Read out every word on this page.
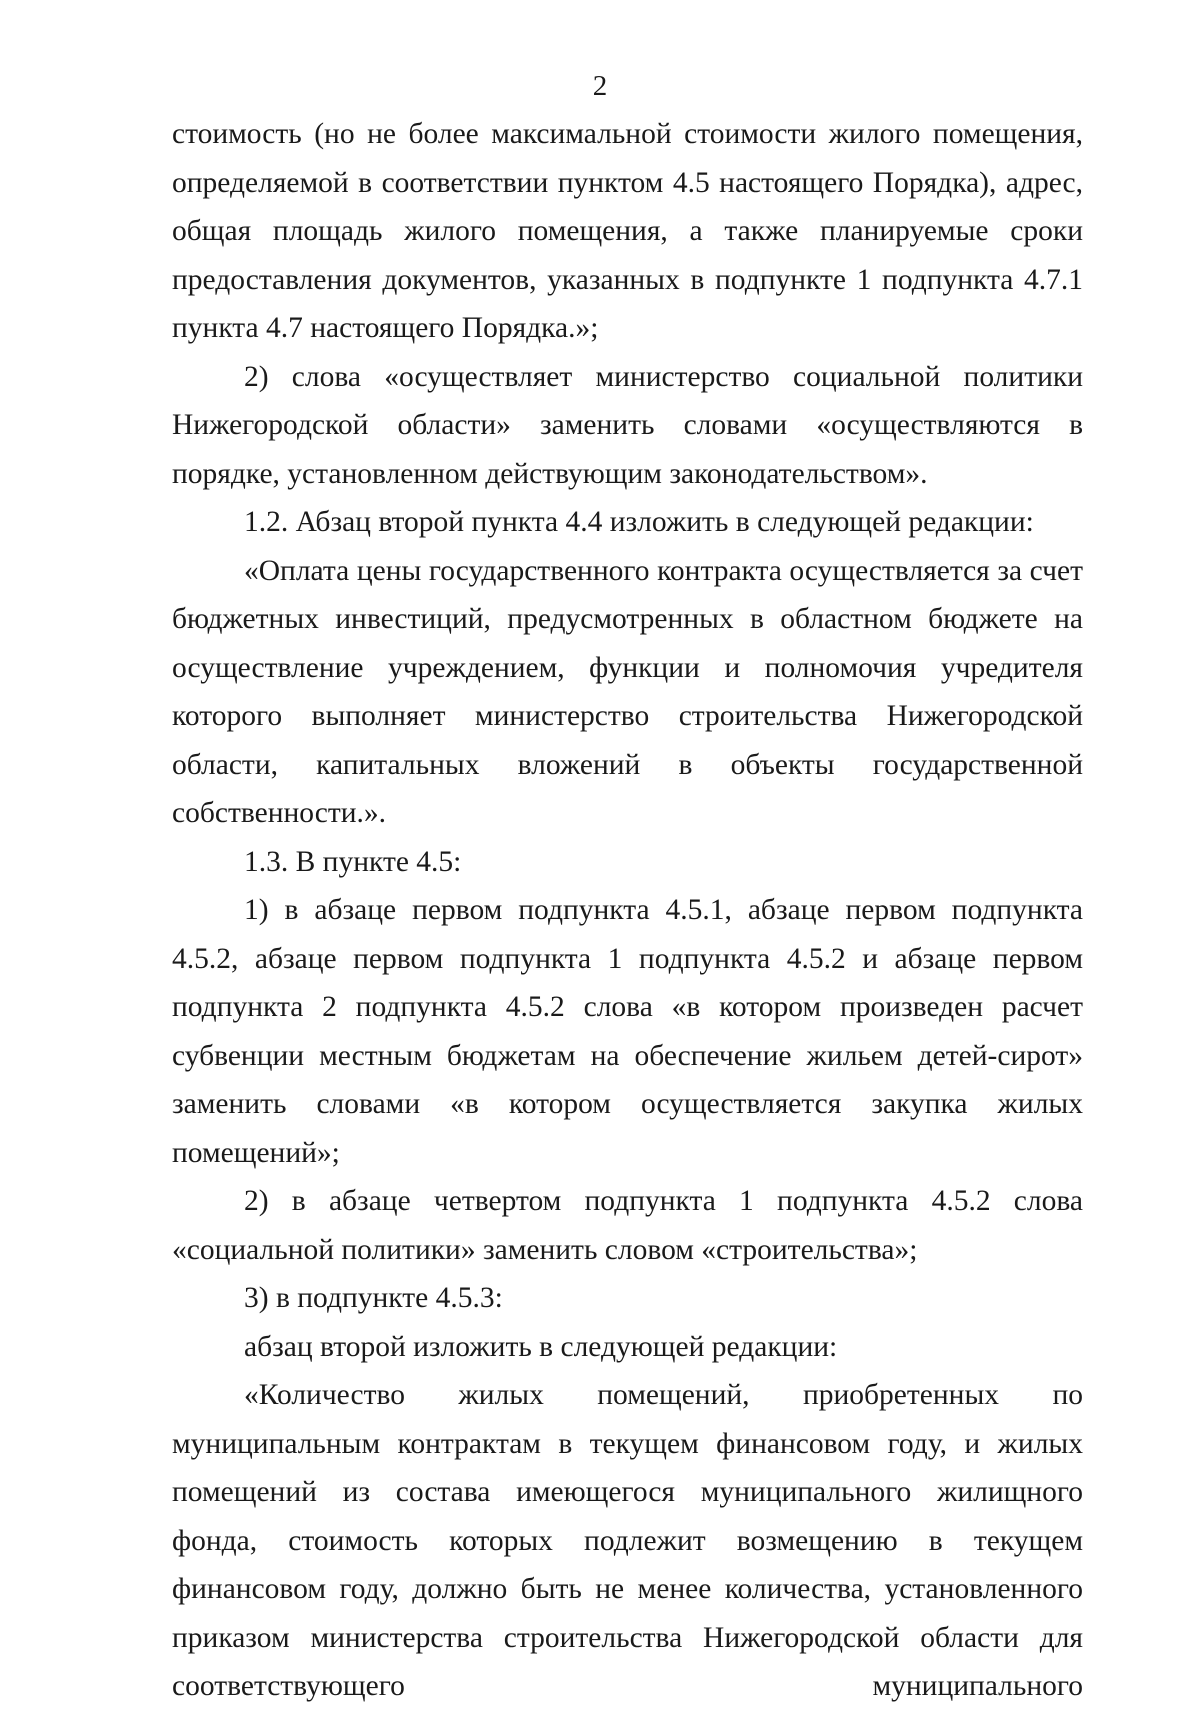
2

стоимость (но не более максимальной стоимости жилого помещения, определяемой в соответствии пунктом 4.5 настоящего Порядка), адрес, общая площадь жилого помещения, а также планируемые сроки предоставления документов, указанных в подпункте 1 подпункта 4.7.1 пункта 4.7 настоящего Порядка.»;

2) слова «осуществляет министерство социальной политики Нижегородской области» заменить словами «осуществляются в порядке, установленном действующим законодательством».

1.2. Абзац второй пункта 4.4 изложить в следующей редакции:

«Оплата цены государственного контракта осуществляется за счет бюджетных инвестиций, предусмотренных в областном бюджете на осуществление учреждением, функции и полномочия учредителя которого выполняет министерство строительства Нижегородской области, капитальных вложений в объекты государственной собственности.».

1.3. В пункте 4.5:

1) в абзаце первом подпункта 4.5.1, абзаце первом подпункта 4.5.2, абзаце первом подпункта 1 подпункта 4.5.2 и абзаце первом подпункта 2 подпункта 4.5.2 слова «в котором произведен расчет субвенции местным бюджетам на обеспечение жильем детей-сирот» заменить словами «в котором осуществляется закупка жилых помещений»;

2) в абзаце четвертом подпункта 1 подпункта 4.5.2 слова «социальной политики» заменить словом «строительства»;

3) в подпункте 4.5.3:

абзац второй изложить в следующей редакции:

«Количество жилых помещений, приобретенных по муниципальным контрактам в текущем финансовом году, и жилых помещений из состава имеющегося муниципального жилищного фонда, стоимость которых подлежит возмещению в текущем финансовом году, должно быть не менее количества, установленного приказом министерства строительства Нижегородской области для соответствующего муниципального
